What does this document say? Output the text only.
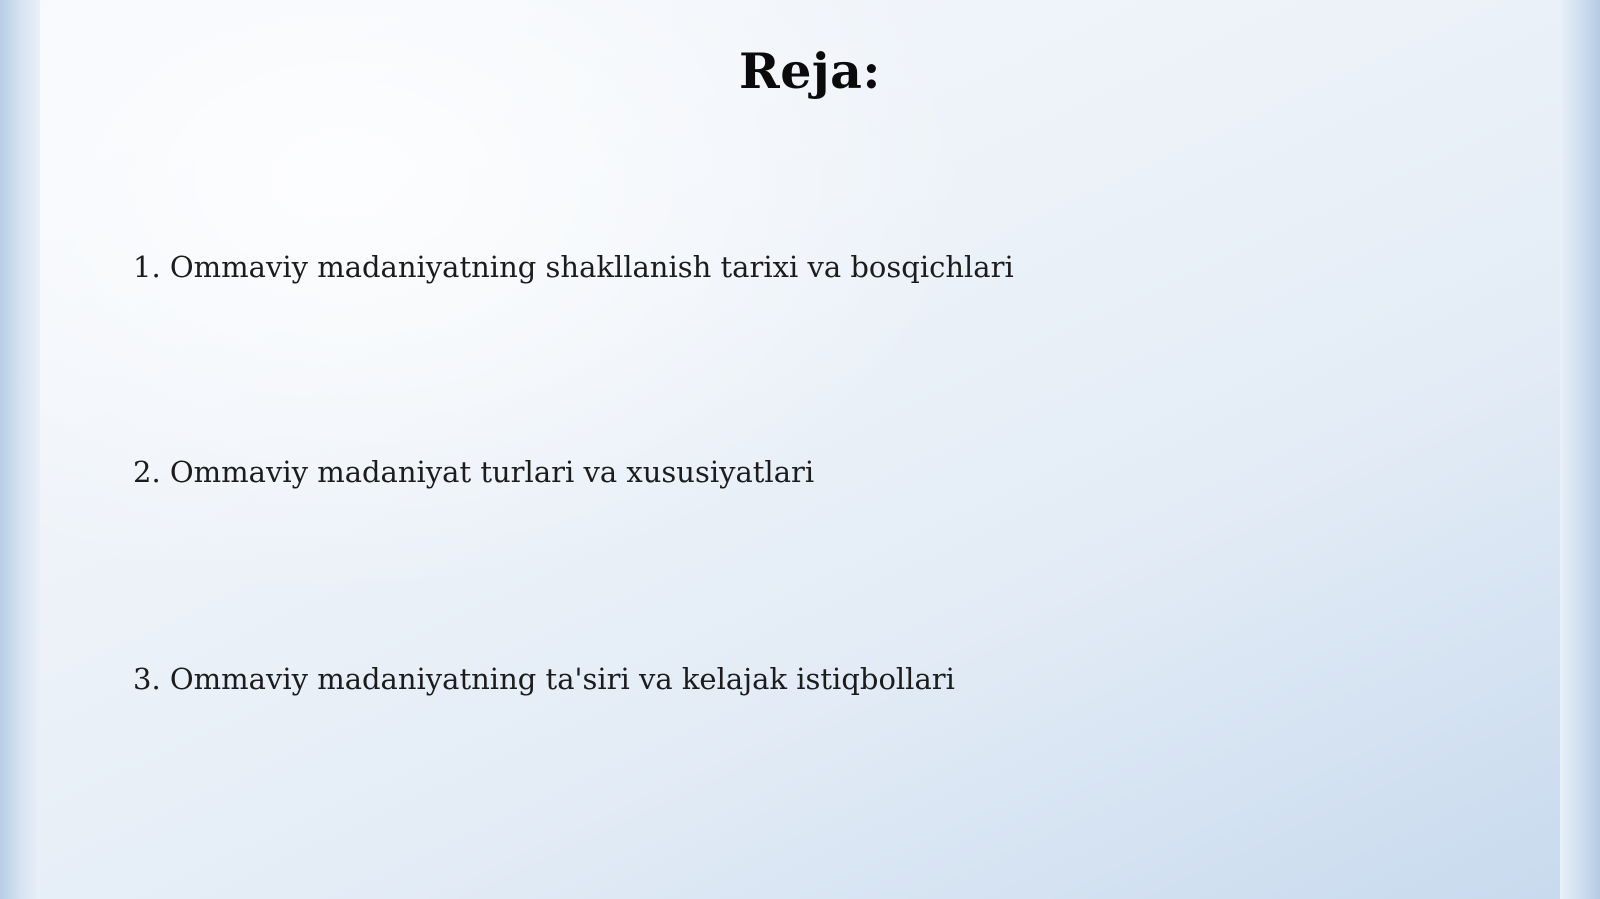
Reja:
1. Ommaviy madaniyatning shakllanish tarixi va bosqichlari
2. Ommaviy madaniyat turlari va xususiyatlari
3. Ommaviy madaniyatning ta'siri va kelajak istiqbollari
